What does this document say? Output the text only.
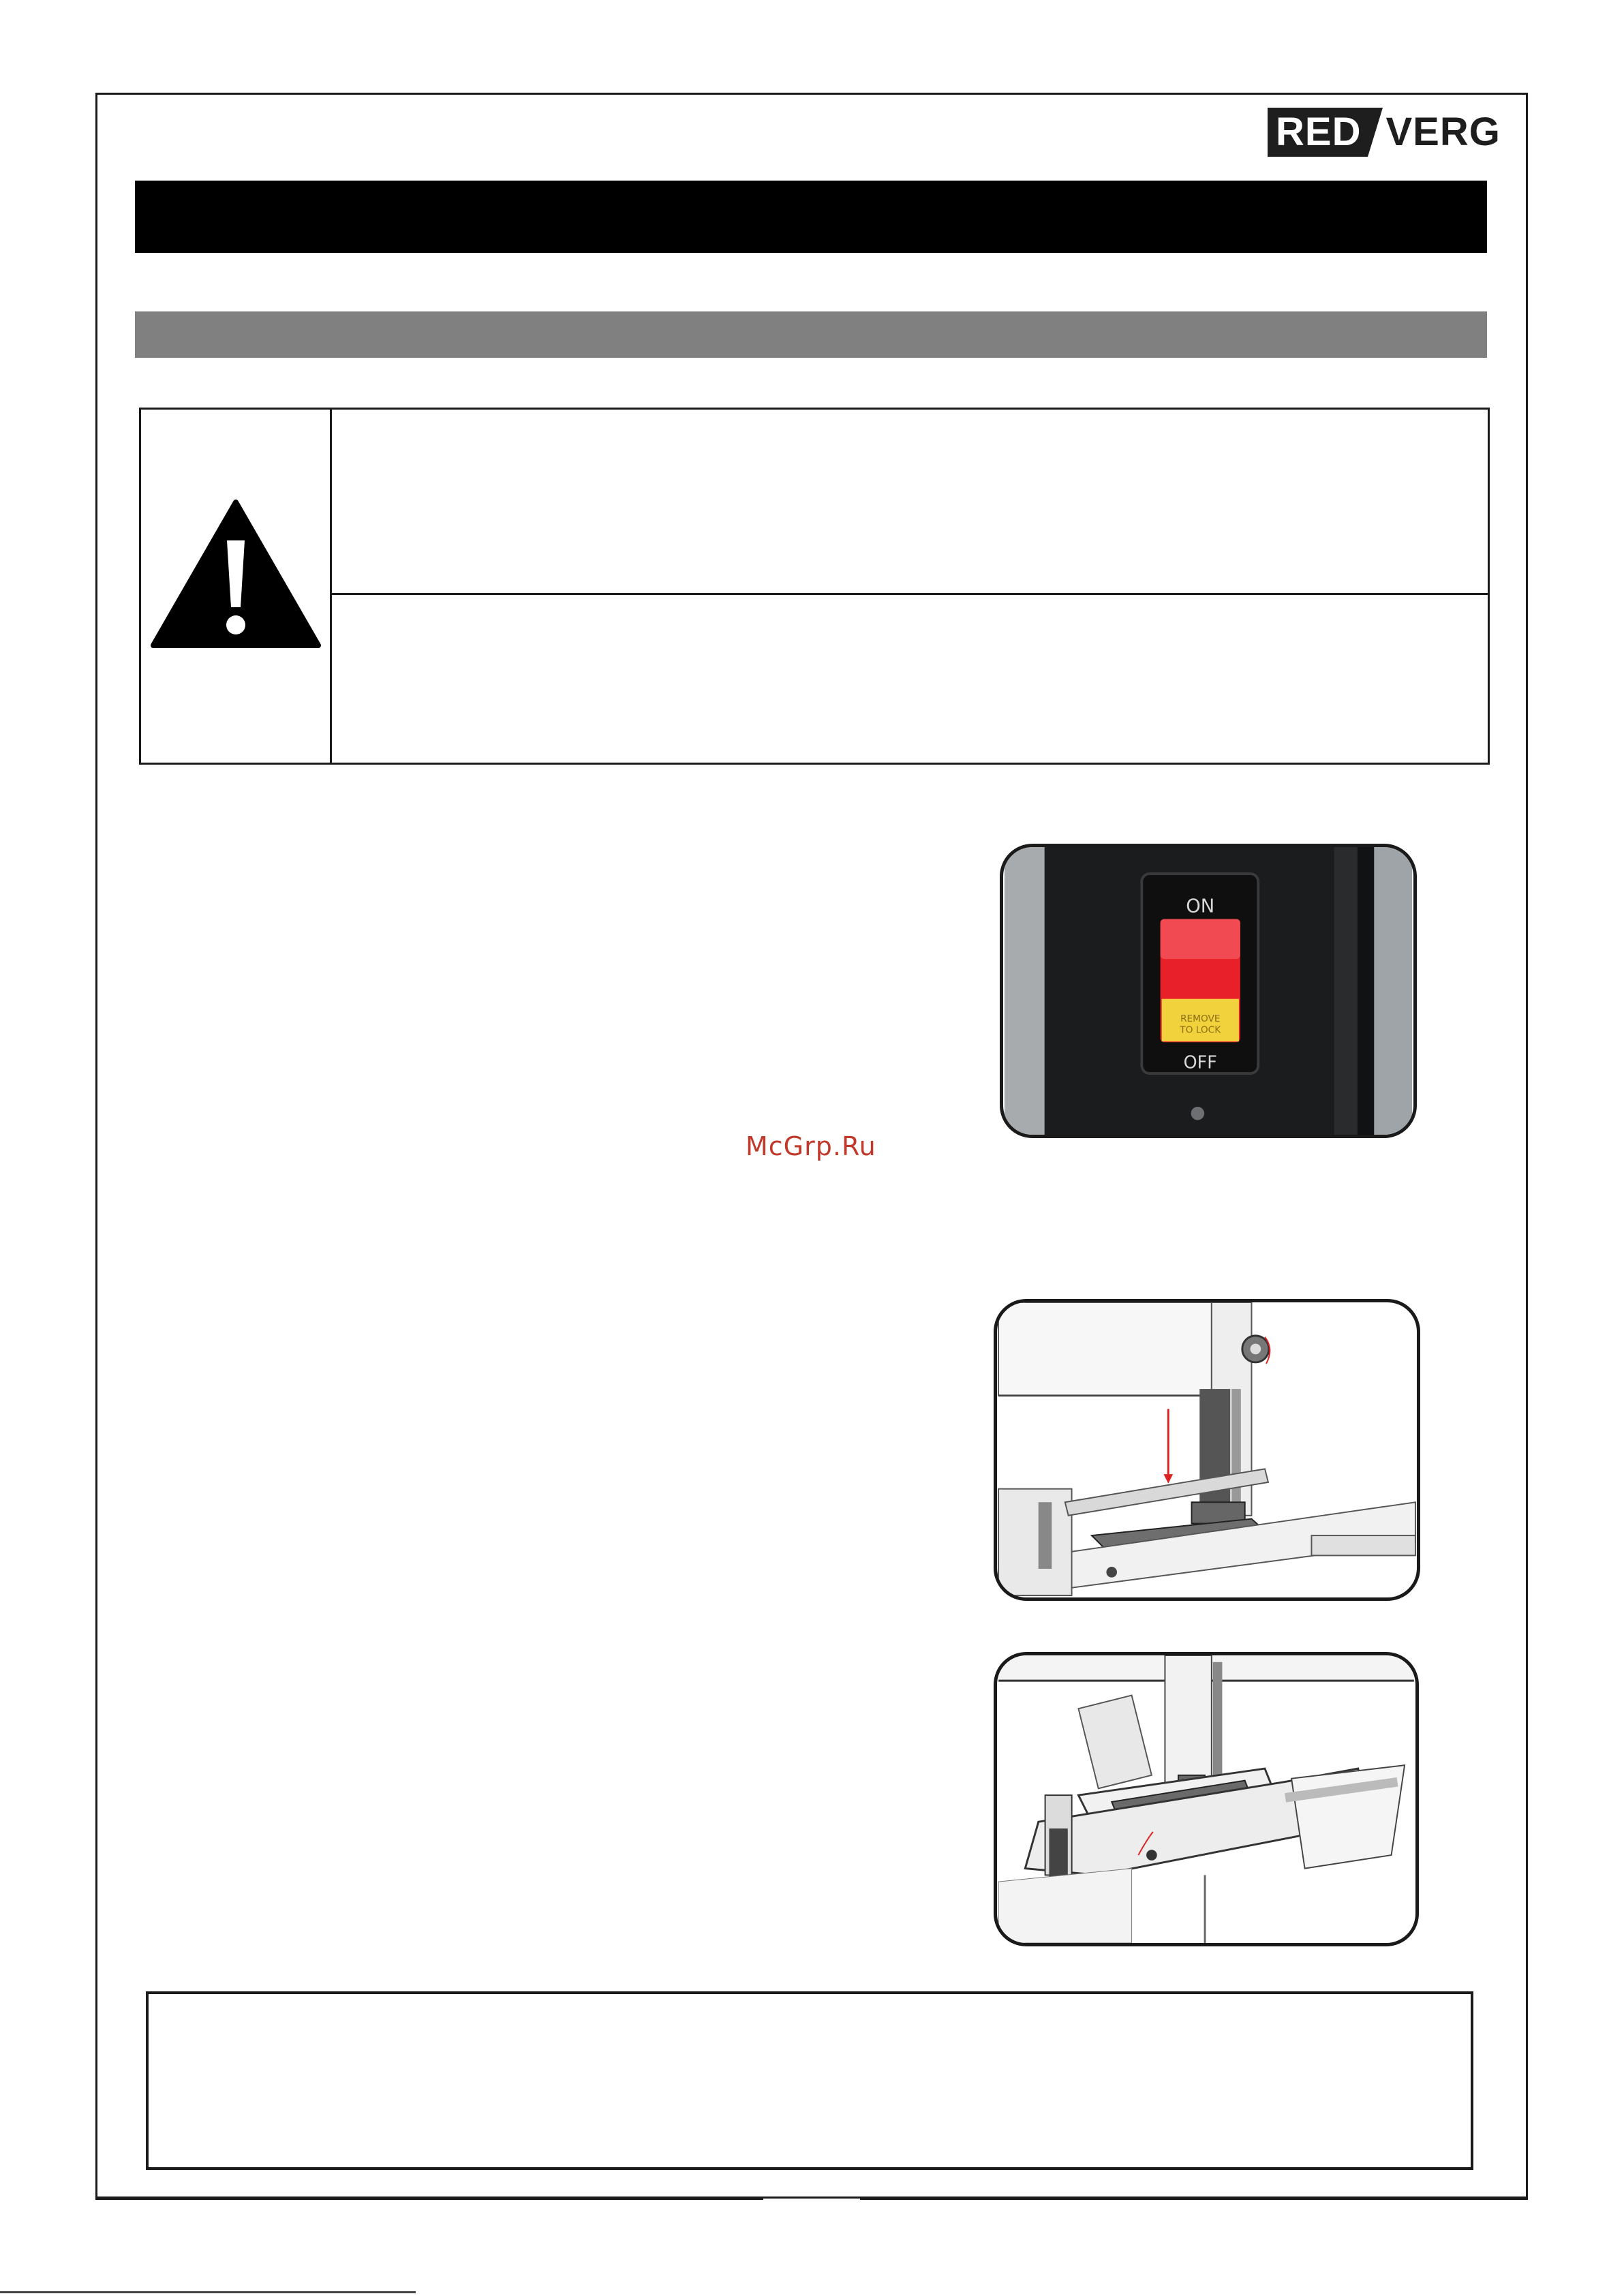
RED VERG
ON
REMOVE
TO LOCK
OFF
McGrp.Ru
